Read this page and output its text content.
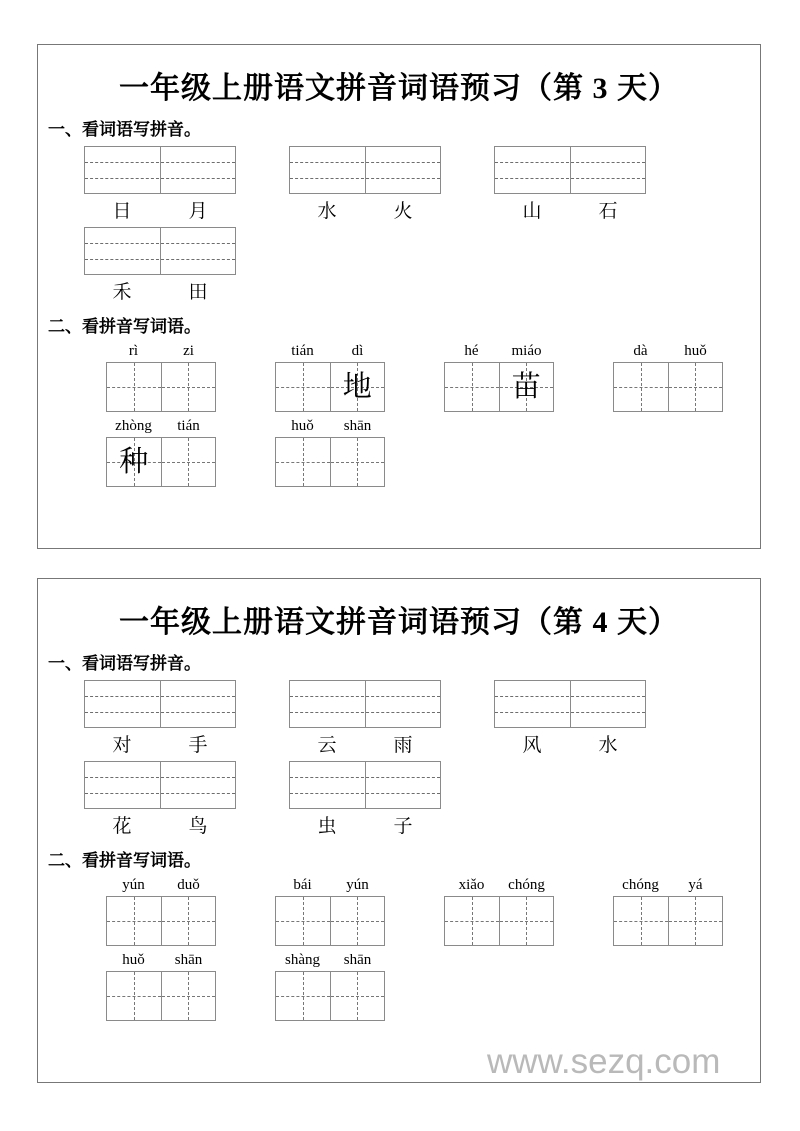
一年级上册语文拼音词语预习（第 3 天）
一、看词语写拼音。
日	月	水	火	山	石
禾	田
二、看拼音写词语。
rì	zi	tián	dì
地
hé	miáo
苗
dà	huǒ
zhòng	tián
种
huǒ	shān
一年级上册语文拼音词语预习（第 4 天）
一、看词语写拼音。
对	手	云	雨	风	水
花	鸟	虫	子
二、看拼音写词语。
yún	duǒ	bái	yún	xiǎo	chóng	chóng	yá
huǒ	shān	shàng	shān
www.sezq.com
